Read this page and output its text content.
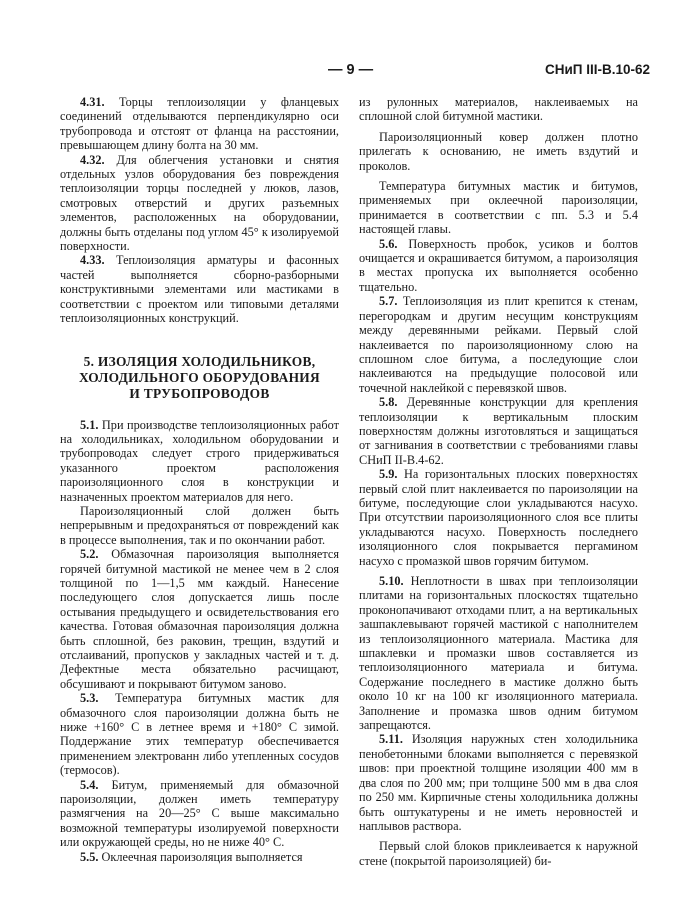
— 9 —	СНиП III-В.10-62

4.31. Торцы теплоизоляции у фланцевых соединений отделываются перпендикулярно оси трубопровода и отстоят от фланца на расстоянии, превышающем длину болта на 30 мм.

4.32. Для облегчения установки и снятия отдельных узлов оборудования без повреждения теплоизоляции торцы последней у люков, лазов, смотровых отверстий и других разъемных элементов, расположенных на оборудовании, должны быть отделаны под углом 45° к изолируемой поверхности.

4.33. Теплоизоляция арматуры и фасонных частей выполняется сборно-разборными конструктивными элементами или мастиками в соответствии с проектом или типовыми деталями теплоизоляционных конструкций.

5. ИЗОЛЯЦИЯ ХОЛОДИЛЬНИКОВ,
ХОЛОДИЛЬНОГО ОБОРУДОВАНИЯ
И ТРУБОПРОВОДОВ

5.1. При производстве теплоизоляционных работ на холодильниках, холодильном оборудовании и трубопроводах следует строго придерживаться указанного проектом расположения пароизоляционного слоя в конструкции и назначенных проектом материалов для него.

Пароизоляционный слой должен быть непрерывным и предохраняться от повреждений как в процессе выполнения, так и по окончании работ.

5.2. Обмазочная пароизоляция выполняется горячей битумной мастикой не менее чем в 2 слоя толщиной по 1—1,5 мм каждый. Нанесение последующего слоя допускается лишь после остывания предыдущего и освидетельствования его качества. Готовая обмазочная пароизоляция должна быть сплошной, без раковин, трещин, вздутий и отслаиваний, пропусков у закладных частей и т. д. Дефектные места обязательно расчищают, обсушивают и покрывают битумом заново.

5.3. Температура битумных мастик для обмазочного слоя пароизоляции должна быть не ниже +160° С в летнее время и +180° С зимой. Поддержание этих температур обеспечивается применением электрованн либо утепленных сосудов (термосов).

5.4. Битум, применяемый для обмазочной пароизоляции, должен иметь температуру размягчения на 20—25° С выше максимально возможной температуры изолируемой поверхности или окружающей среды, но не ниже 40° С.

5.5. Оклеечная пароизоляция выполняется

из рулонных материалов, наклеиваемых на сплошной слой битумной мастики.

Пароизоляционный ковер должен плотно прилегать к основанию, не иметь вздутий и проколов.

Температура битумных мастик и битумов, применяемых при оклеечной пароизоляции, принимается в соответствии с пп. 5.3 и 5.4 настоящей главы.

5.6. Поверхность пробок, усиков и болтов очищается и окрашивается битумом, а пароизоляция в местах пропуска их выполняется особенно тщательно.

5.7. Теплоизоляция из плит крепится к стенам, перегородкам и другим несущим конструкциям между деревянными рейками. Первый слой наклеивается по пароизоляционному слою на сплошном слое битума, а последующие слои наклеиваются на предыдущие полосовой или точечной наклейкой с перевязкой швов.

5.8. Деревянные конструкции для крепления теплоизоляции к вертикальным плоским поверхностям должны изготовляться и защищаться от загнивания в соответствии с требованиями главы СНиП II-В.4-62.

5.9. На горизонтальных плоских поверхностях первый слой плит наклеивается по пароизоляции на битуме, последующие слои укладываются насухо. При отсутствии пароизоляционного слоя все плиты укладываются насухо. Поверхность последнего изоляционного слоя покрывается пергамином насухо с промазкой швов горячим битумом.

5.10. Неплотности в швах при теплоизоляции плитами на горизонтальных плоскостях тщательно проконопачивают отходами плит, а на вертикальных зашпаклевывают горячей мастикой с наполнителем из теплоизоляционного материала. Мастика для шпаклевки и промазки швов составляется из теплоизоляционного материала и битума. Содержание последнего в мастике должно быть около 10 кг на 100 кг изоляционного материала. Заполнение и промазка швов одним битумом запрещаются.

5.11. Изоляция наружных стен холодильника пенобетонными блоками выполняется с перевязкой швов: при проектной толщине изоляции 400 мм в два слоя по 200 мм; при толщине 500 мм в два слоя по 250 мм. Кирпичные стены холодильника должны быть оштукатурены и не иметь неровностей и наплывов раствора.

Первый слой блоков приклеивается к наружной стене (покрытой пароизоляцией) би-
